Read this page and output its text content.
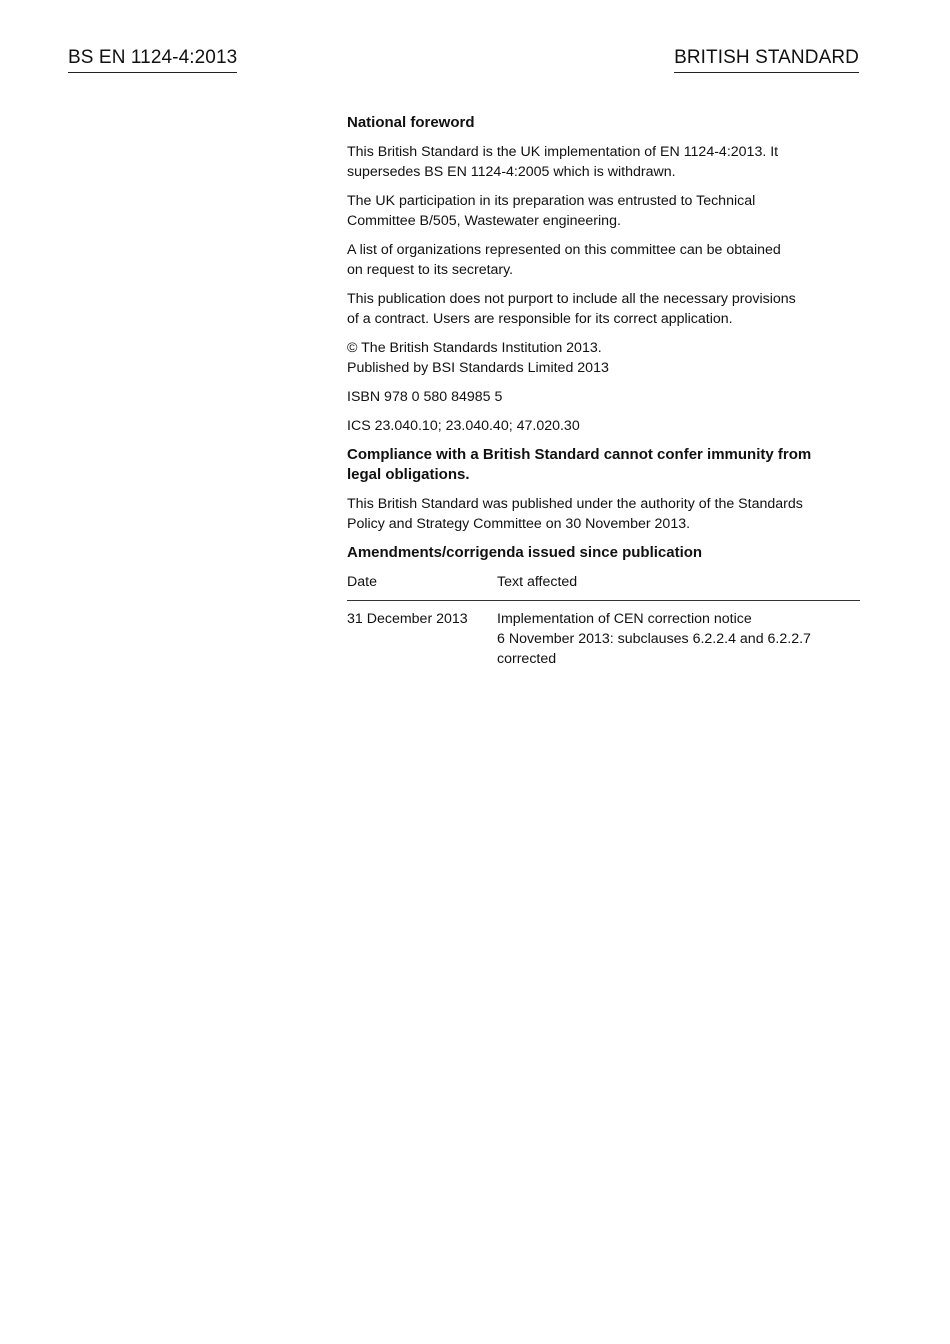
BS EN 1124-4:2013	BRITISH STANDARD

National foreword

This British Standard is the UK implementation of EN 1124-4:2013. It
supersedes BS EN 1124-4:2005 which is withdrawn.

The UK participation in its preparation was entrusted to Technical
Committee B/505, Wastewater engineering.

A list of organizations represented on this committee can be obtained
on request to its secretary.

This publication does not purport to include all the necessary provisions
of a contract. Users are responsible for its correct application.

© The British Standards Institution 2013.
Published by BSI Standards Limited 2013

ISBN 978 0 580 84985 5

ICS 23.040.10; 23.040.40; 47.020.30

Compliance with a British Standard cannot confer immunity from
legal obligations.

This British Standard was published under the authority of the Standards
Policy and Strategy Committee on 30 November 2013.

Amendments/corrigenda issued since publication

Date	Text affected
31 December 2013	Implementation of CEN correction notice
6 November 2013: subclauses 6.2.2.4 and 6.2.2.7
corrected
